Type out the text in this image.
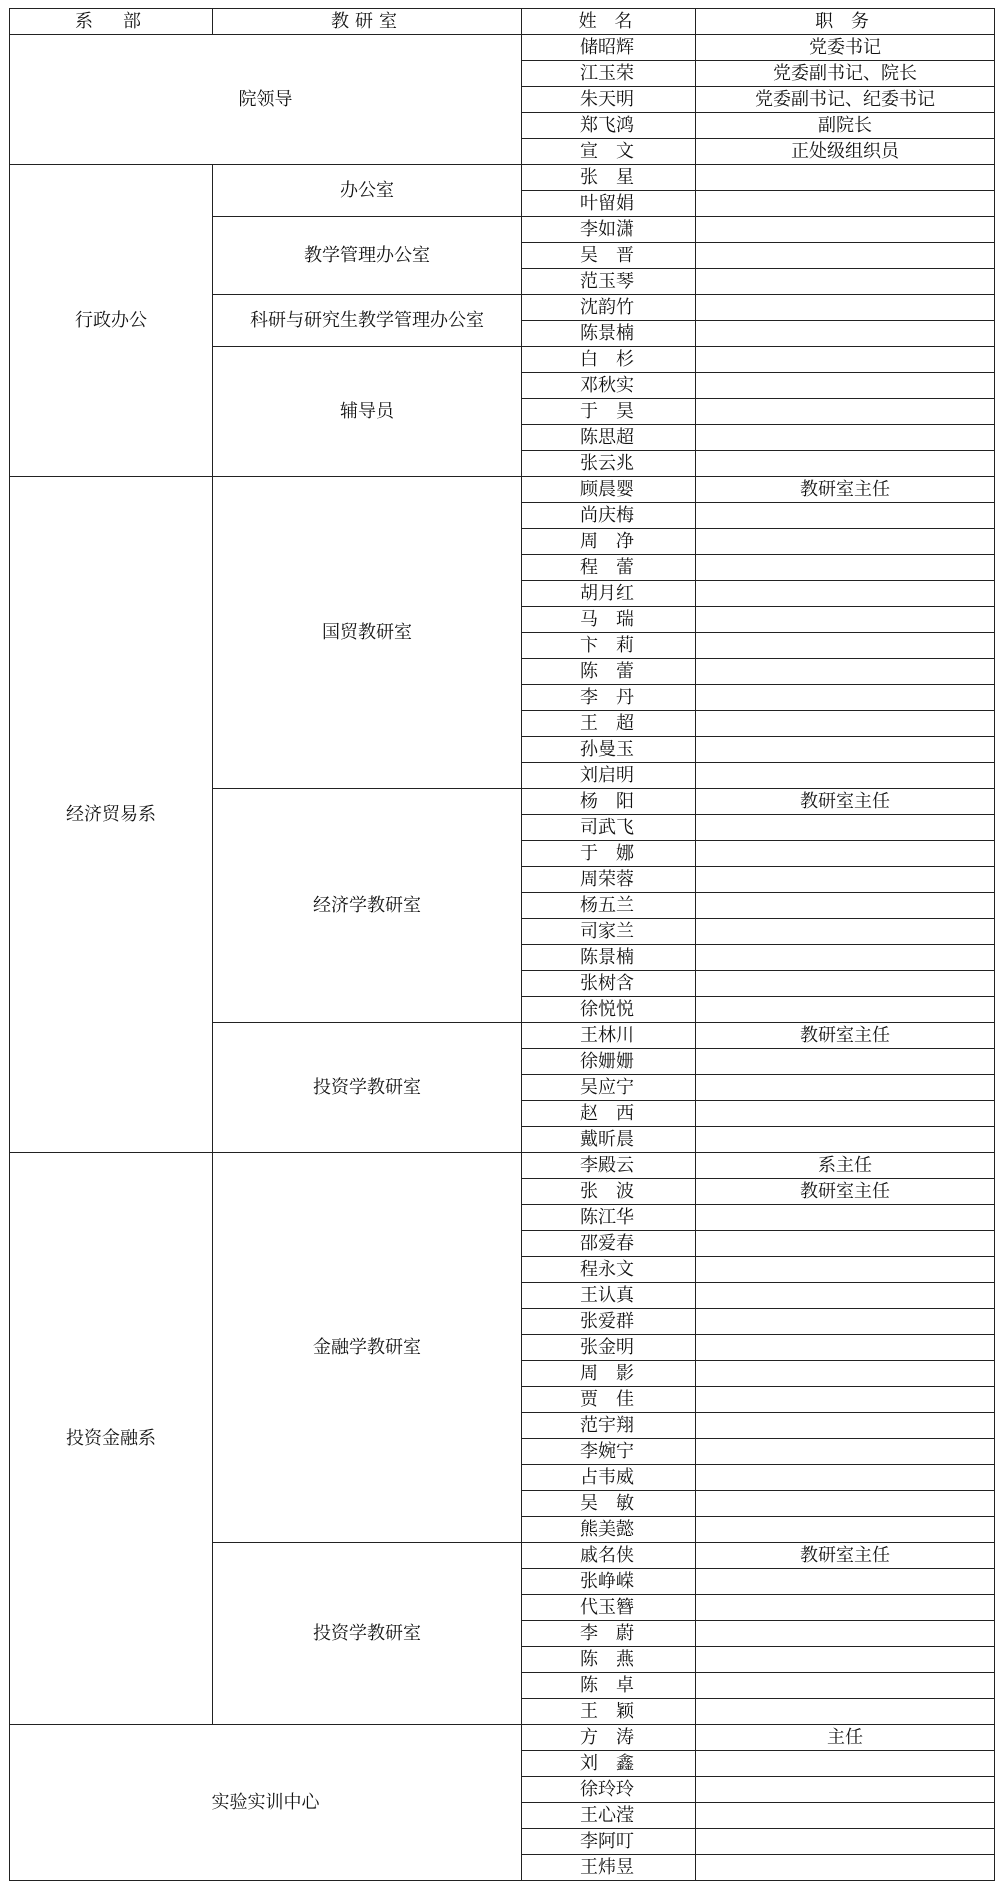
系　部	教研室	姓 名	职 务
院领导		储昭辉	党委书记
		江玉荣	党委副书记、院长
		朱天明	党委副书记、纪委书记
		郑飞鸿	副院长
		宣　文	正处级组织员
行政办公	办公室	张　星	
		叶留娟	
	教学管理办公室	李如潇	
		吴　晋	
		范玉琴	
	科研与研究生教学管理办公室	沈韵竹	
		陈景楠	
	辅导员	白　杉	
		邓秋实	
		于　昊	
		陈思超	
		张云兆	
经济贸易系	国贸教研室	顾晨婴	教研室主任
		尚庆梅	
		周　净	
		程　蕾	
		胡月红	
		马　瑞	
		卞　莉	
		陈　蕾	
		李　丹	
		王　超	
		孙曼玉	
		刘启明	
	经济学教研室	杨　阳	教研室主任
		司武飞	
		于　娜	
		周荣蓉	
		杨五兰	
		司家兰	
		陈景楠	
		张树含	
		徐悦悦	
	投资学教研室	王林川	教研室主任
		徐姗姗	
		吴应宁	
		赵　西	
		戴昕晨	
投资金融系	金融学教研室	李殿云	系主任
		张　波	教研室主任
		陈江华	
		邵爱春	
		程永文	
		王认真	
		张爱群	
		张金明	
		周　影	
		贾　佳	
		范宇翔	
		李婉宁	
		占韦威	
		吴　敏	
		熊美懿	
	投资学教研室	戚名侠	教研室主任
		张峥嵘	
		代玉簪	
		李　蔚	
		陈　燕	
		陈　卓	
		王　颖	
实验实训中心		方　涛	主任
		刘　鑫	
		徐玲玲	
		王心滢	
		李阿叮	
		王炜昱	
